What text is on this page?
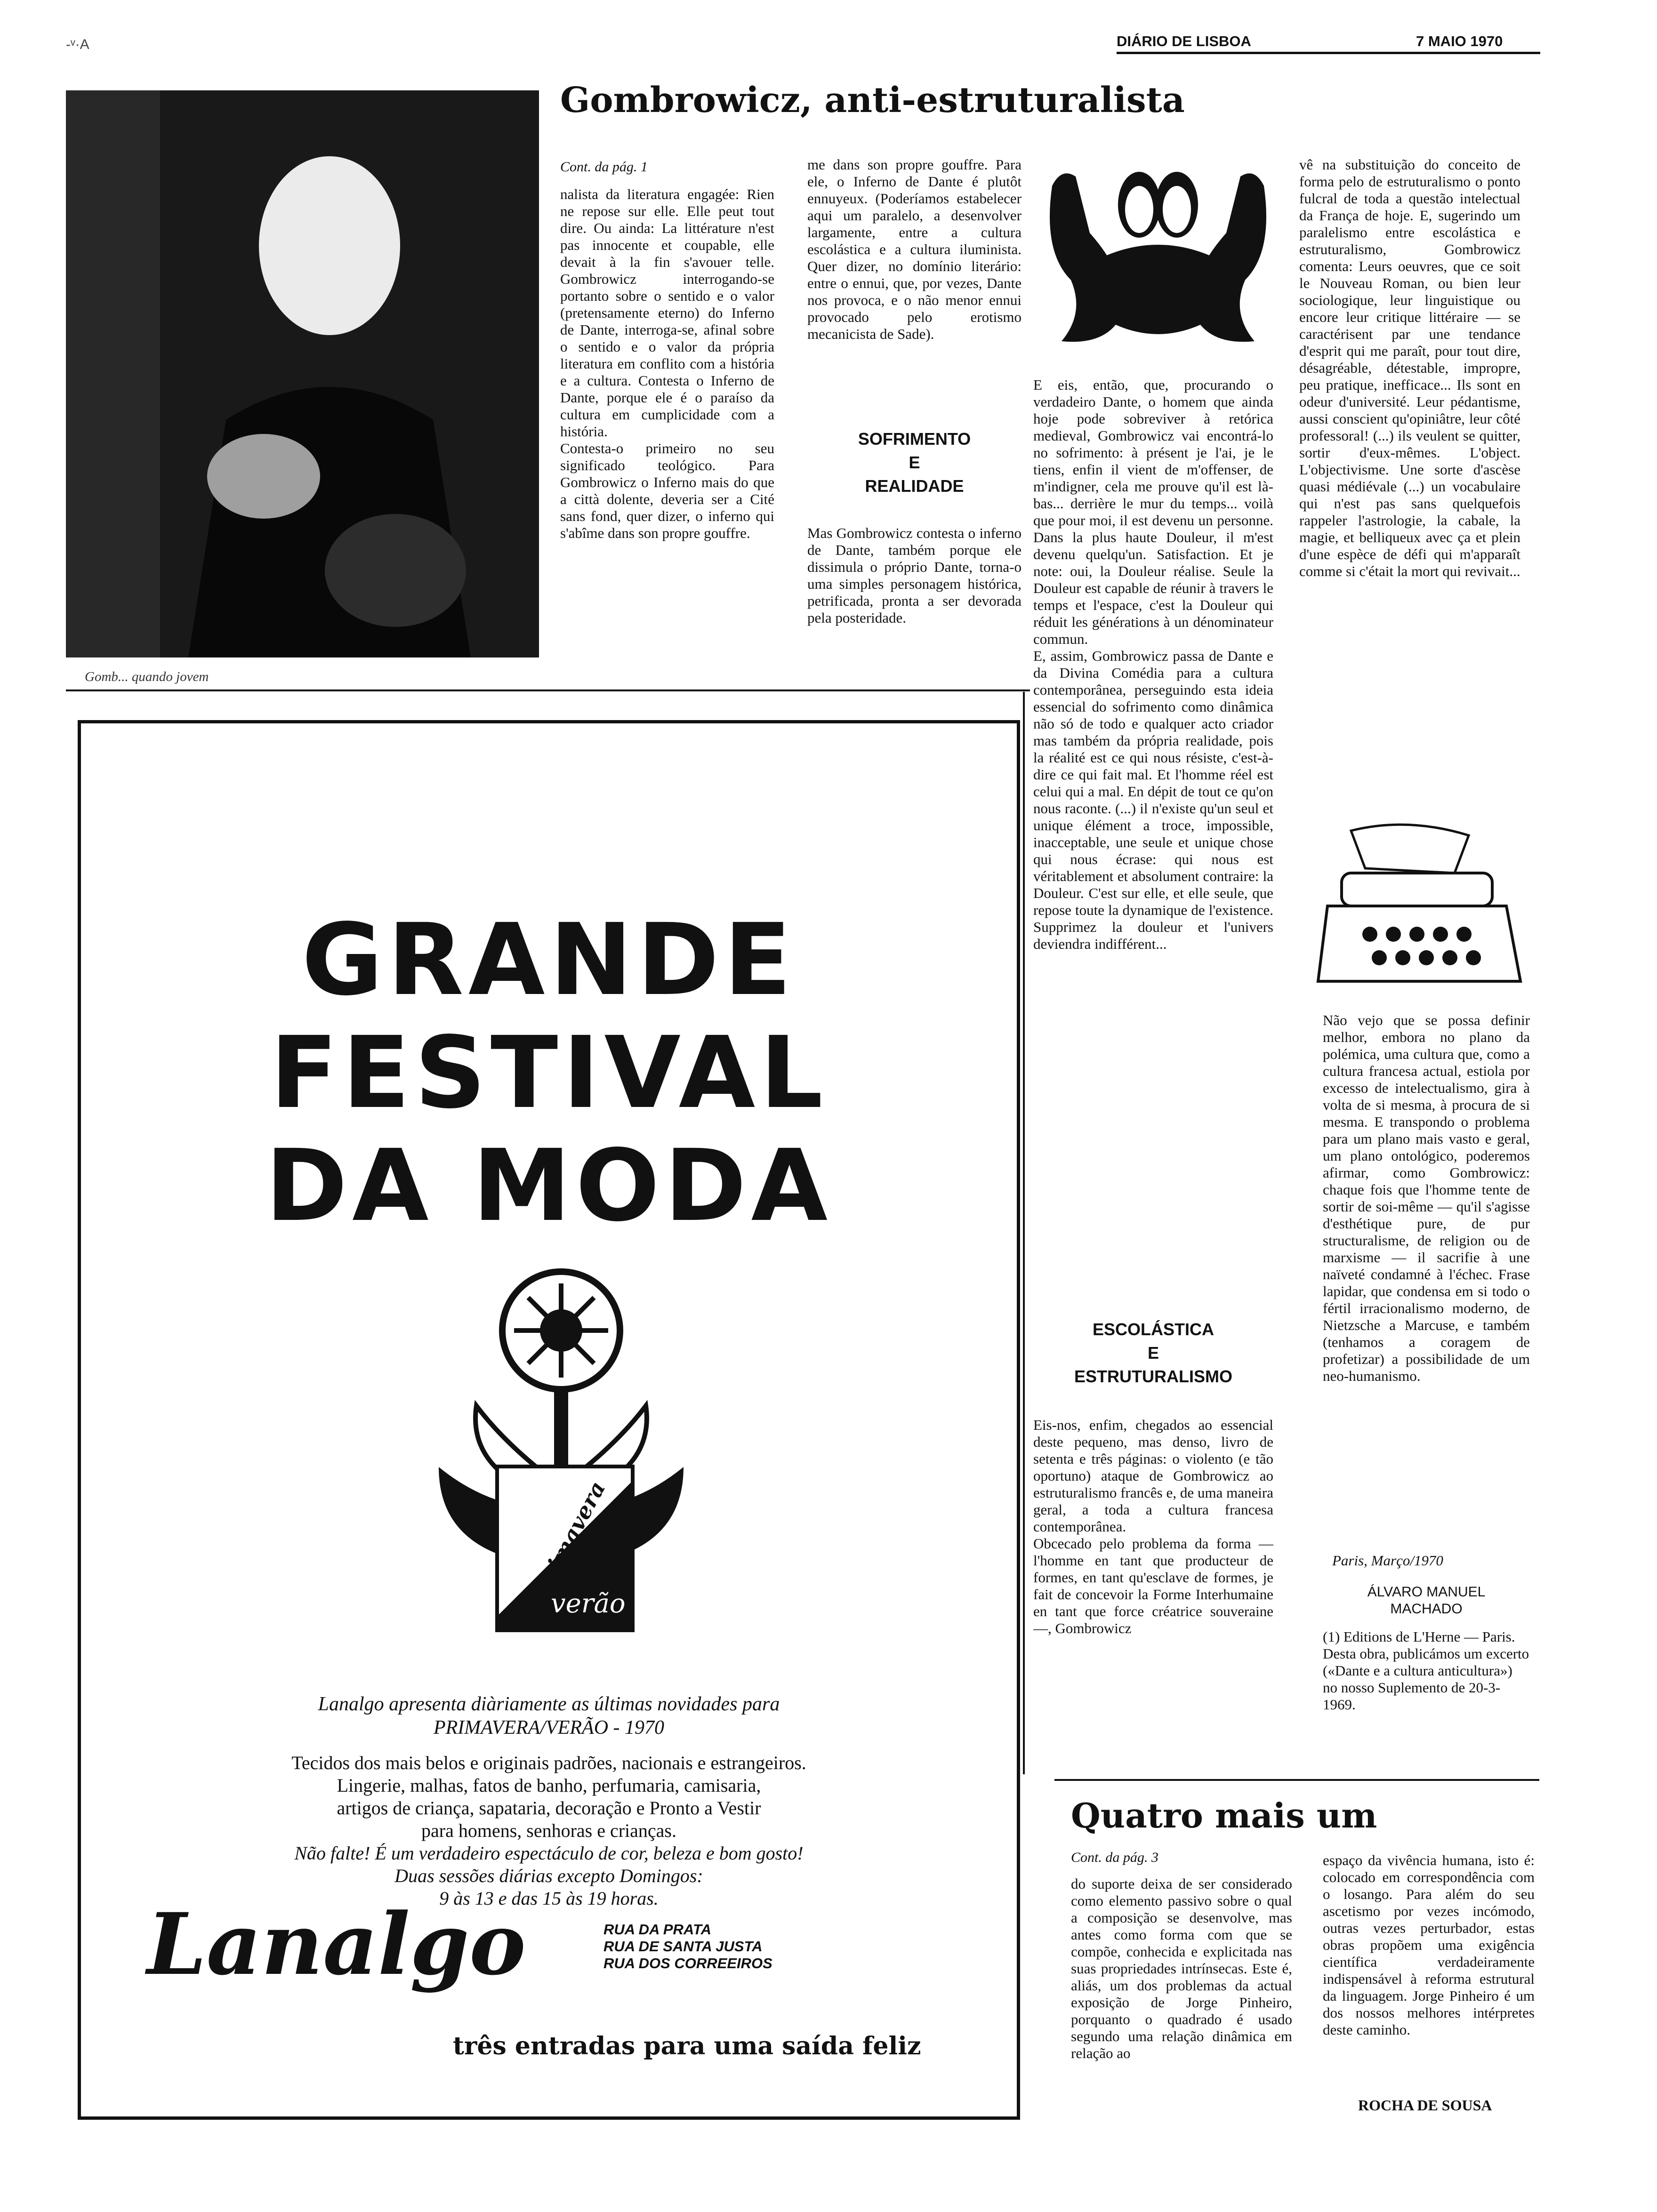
-ᵛ·A	DIÁRIO DE LISBOA	7 MAIO 1970
Gomb... quando jovem
Gombrowicz, anti-estruturalista
Cont. da pág. 1
nalista da literatura engagée: Rien ne repose sur elle. Elle peut tout dire. Ou ainda: La littérature n'est pas innocente et coupable, elle devait à la fin s'avouer telle. Gombrowicz interrogando-se portanto sobre o sentido e o valor (pretensamente eterno) do Inferno de Dante, interroga-se, afinal sobre o sentido e o valor da própria literatura em conflito com a história e a cultura. Contesta o Inferno de Dante, porque ele é o paraíso da cultura em cumplicidade com a história.
Contesta-o primeiro no seu significado teológico. Para Gombrowicz o Inferno mais do que a città dolente, deveria ser a Cité sans fond, quer dizer, o inferno qui s'abîme dans son propre gouffre.
me dans son propre gouffre. Para ele, o Inferno de Dante é plutôt ennuyeux. (Poderíamos estabelecer aqui um paralelo, a desenvolver largamente, entre a cultura escolástica e a cultura iluminista. Quer dizer, no domínio literário: entre o ennui, que, por vezes, Dante nos provoca, e o não menor ennui provocado pelo erotismo mecanicista de Sade).
SOFRIMENTO
E
REALIDADE
Mas Gombrowicz contesta o inferno de Dante, também porque ele dissimula o próprio Dante, torna-o uma simples personagem histórica, petrificada, pronta a ser devorada pela posteridade.
E eis, então, que, procurando o verdadeiro Dante, o homem que ainda hoje pode sobreviver à retórica medieval, Gombrowicz vai encontrá-lo no sofrimento: à présent je l'ai, je le tiens, enfin il vient de m'offenser, de m'indigner, cela me prouve qu'il est là-bas... derrière le mur du temps... voilà que pour moi, il est devenu un personne. Dans la plus haute Douleur, il m'est devenu quelqu'un. Satisfaction. Et je note: oui, la Douleur réalise. Seule la Douleur est capable de réunir à travers le temps et l'espace, c'est la Douleur qui réduit les générations à un dénominateur commun.
E, assim, Gombrowicz passa de Dante e da Divina Comédia para a cultura contemporânea, perseguindo esta ideia essencial do sofrimento como dinâmica não só de todo e qualquer acto criador mas também da própria realidade, pois la réalité est ce qui nous résiste, c'est-à-dire ce qui fait mal. Et l'homme réel est celui qui a mal. En dépit de tout ce qu'on nous raconte. (...) il n'existe qu'un seul et unique élément a troce, impossible, inacceptable, une seule et unique chose qui nous écrase: qui nous est véritablement et absolument contraire: la Douleur. C'est sur elle, et elle seule, que repose toute la dynamique de l'existence. Supprimez la douleur et l'univers deviendra indifférent...
ESCOLÁSTICA
E
ESTRUTURALISMO
Eis-nos, enfim, chegados ao essencial deste pequeno, mas denso, livro de setenta e três páginas: o violento (e tão oportuno) ataque de Gombrowicz ao estruturalismo francês e, de uma maneira geral, a toda a cultura francesa contemporânea.
Obcecado pelo problema da forma — l'homme en tant que producteur de formes, en tant qu'esclave de formes, je fait de concevoir la Forme Interhumaine en tant que force créatrice souveraine —, Gombrowicz
vê na substituição do conceito de forma pelo de estruturalismo o ponto fulcral de toda a questão intelectual da França de hoje. E, sugerindo um paralelismo entre escolástica e estruturalismo, Gombrowicz comenta: Leurs oeuvres, que ce soit le Nouveau Roman, ou bien leur sociologique, leur linguistique ou encore leur critique littéraire — se caractérisent par une tendance d'esprit qui me paraît, pour tout dire, désagréable, détestable, impropre, peu pratique, inefficace... Ils sont en odeur d'université. Leur pédantisme, aussi conscient qu'opiniâtre, leur côté professoral! (...) ils veulent se quitter, sortir d'eux-mêmes. L'object. L'objectivisme. Une sorte d'ascèse quasi médiévale (...) un vocabulaire qui n'est pas sans quelquefois rappeler l'astrologie, la cabale, la magie, et belliqueux avec ça et plein d'une espèce de défi qui m'apparaît comme si c'était la mort qui revivait...
Não vejo que se possa definir melhor, embora no plano da polémica, uma cultura que, como a cultura francesa actual, estiola por excesso de intelectualismo, gira à volta de si mesma, à procura de si mesma. E transpondo o problema para um plano mais vasto e geral, um plano ontológico, poderemos afirmar, como Gombrowicz: chaque fois que l'homme tente de sortir de soi-même — qu'il s'agisse d'esthétique pure, de pur structuralisme, de religion ou de marxisme — il sacrifie à une naïveté condamné à l'échec. Frase lapidar, que condensa em si todo o fértil irracionalismo moderno, de Nietzsche a Marcuse, e também (tenhamos a coragem de profetizar) a possibilidade de um neo-humanismo.
Paris, Março/1970
ÁLVARO MANUEL
MACHADO
(1) Editions de L'Herne — Paris.
Desta obra, publicámos um excerto («Dante e a cultura anticultura») no nosso Suplemento de 20-3-1969.
GRANDE
FESTIVAL
DA MODA
primavera
verão
Lanalgo apresenta diàriamente as últimas novidades para
PRIMAVERA/VERÃO - 1970
Tecidos dos mais belos e originais padrões, nacionais e estrangeiros.
Lingerie, malhas, fatos de banho, perfumaria, camisaria,
artigos de criança, sapataria, decoração e Pronto a Vestir
para homens, senhoras e crianças.
Não falte! É um verdadeiro espectáculo de cor, beleza e bom gosto!
Duas sessões diárias excepto Domingos:
9 às 13 e das 15 às 19 horas.
Lanalgo	RUA DA PRATA
RUA DE SANTA JUSTA
RUA DOS CORREEIROS
três entradas para uma saída feliz
Quatro mais um
Cont. da pág. 3
do suporte deixa de ser considerado como elemento passivo sobre o qual a composição se desenvolve, mas antes como forma com que se compõe, conhecida e explicitada nas suas propriedades intrínsecas. Este é, aliás, um dos problemas da actual exposição de Jorge Pinheiro, porquanto o quadrado é usado segundo uma relação dinâmica em relação ao
espaço da vivência humana, isto é: colocado em correspondência com o losango. Para além do seu ascetismo por vezes incómodo, outras vezes perturbador, estas obras propõem uma exigência científica verdadeiramente indispensável à reforma estrutural da linguagem. Jorge Pinheiro é um dos nossos melhores intérpretes deste caminho.
ROCHA DE SOUSA
